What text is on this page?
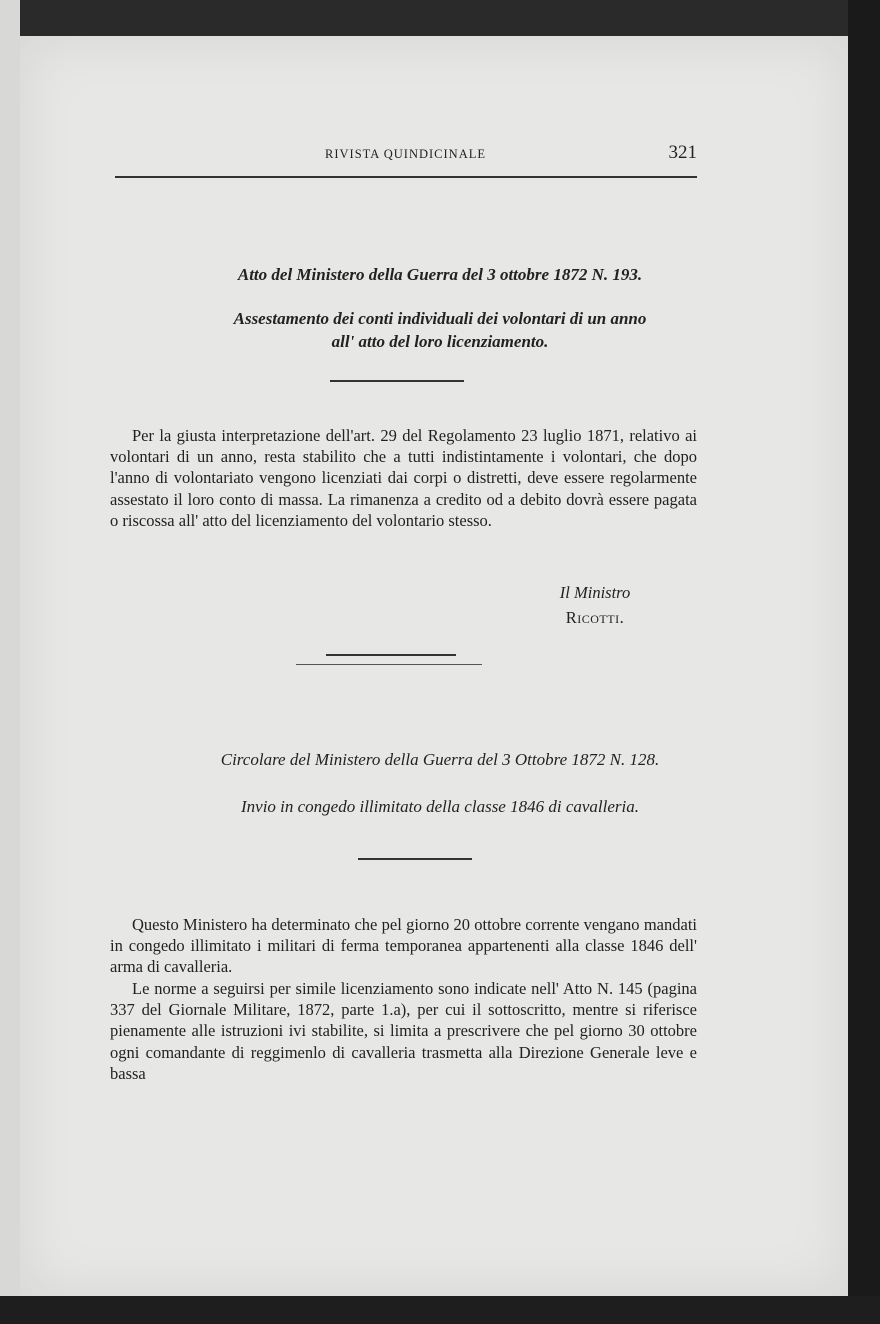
RIVISTA QUINDICINALE	321
Atto del Ministero della Guerra del 3 ottobre 1872 N. 193.
Assestamento dei conti individuali dei volontari di un anno
all' atto del loro licenziamento.

Per la giusta interpretazione dell'art. 29 del Regolamento 23 luglio 1871, relativo ai volontari di un anno, resta stabilito che a tutti indistintamente i volontari, che dopo l'anno di volontariato vengono licenziati dai corpi o distretti, deve essere regolarmente assestato il loro conto di massa. La rimanenza a credito od a debito dovrà essere pagata o riscossa all' atto del licenziamento del volontario stesso.

Il Ministro
Ricotti.
Circolare del Ministero della Guerra del 3 Ottobre 1872 N. 128.
Invio in congedo illimitato della classe 1846 di cavalleria.

Questo Ministero ha determinato che pel giorno 20 ottobre corrente vengano mandati in congedo illimitato i militari di ferma temporanea appartenenti alla classe 1846 dell' arma di cavalleria.

Le norme a seguirsi per simile licenziamento sono indicate nell' Atto N. 145 (pagina 337 del Giornale Militare, 1872, parte 1.a), per cui il sottoscritto, mentre si riferisce pienamente alle istruzioni ivi stabilite, si limita a prescrivere che pel giorno 30 ottobre ogni comandante di reggimenlo di cavalleria trasmetta alla Direzione Generale leve e bassa
